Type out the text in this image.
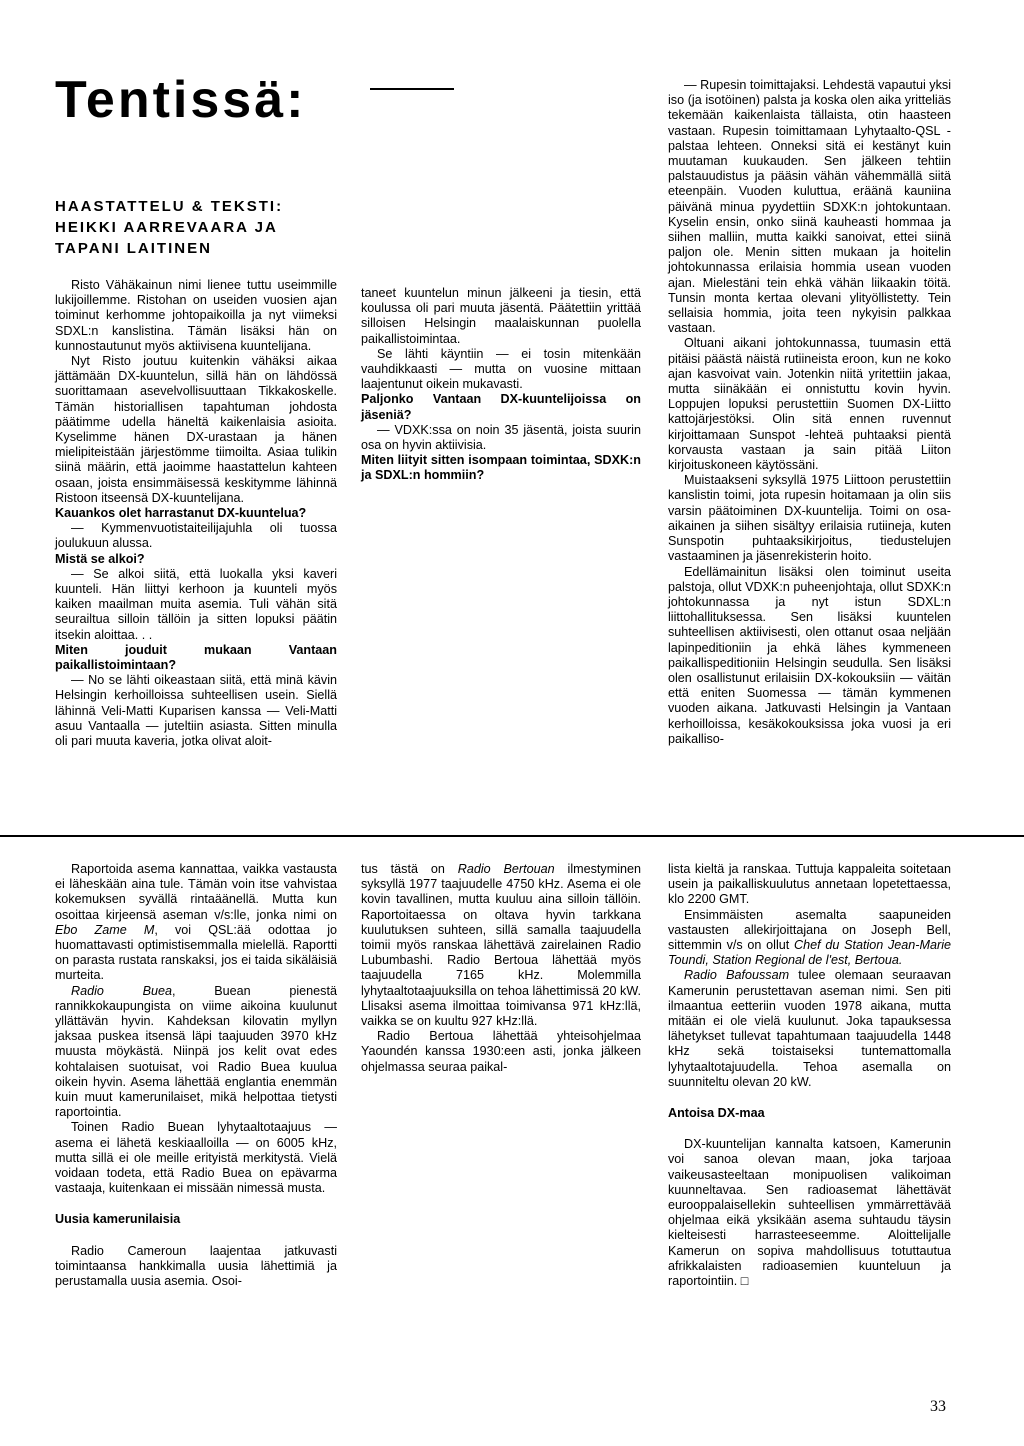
Tentissä:

HAASTATTELU & TEKSTI: HEIKKI AARREVAARA JA TAPANI LAITINEN

Risto Vähäkainun nimi lienee tuttu useimmille lukijoillemme. Ristohan on useiden vuosien ajan toiminut kerhomme johtopaikoilla ja nyt viimeksi SDXL:n kanslistina. Tämän lisäksi hän on kunnostautunut myös aktiivisena kuuntelijana.

Nyt Risto joutuu kuitenkin vähäksi aikaa jättämään DX-kuuntelun, sillä hän on lähdössä suorittamaan asevelvollisuuttaan Tikkakoskelle. Tämän historiallisen tapahtuman johdosta päätimme udella häneltä kaikenlaisia asioita. Kyselimme hänen DX-urastaan ja hänen mielipiteistään järjestömme tiimoilta. Asiaa tulikin siinä määrin, että jaoimme haastattelun kahteen osaan, joista ensimmäisessä keskitymme lähinnä Ristoon itseensä DX-kuuntelijana.

Kauankos olet harrastanut DX-kuuntelua?

— Kymmenvuotistaiteilijajuhla oli tuossa joulukuun alussa.

Mistä se alkoi?

— Se alkoi siitä, että luokalla yksi kaveri kuunteli. Hän liittyi kerhoon ja kuunteli myös kaiken maailman muita asemia. Tuli vähän sitä seurailtua silloin tällöin ja sitten lopuksi päätin itsekin aloittaa. . .

Miten jouduit mukaan Vantaan paikallistoimintaan?

— No se lähti oikeastaan siitä, että minä kävin Helsingin kerhoilloissa suhteellisen usein. Siellä lähinnä Veli-Matti Kuparisen kanssa — Veli-Matti asuu Vantaalla — juteltiin asiasta. Sitten minulla oli pari muuta kaveria, jotka olivat aloit-

taneet kuuntelun minun jälkeeni ja tiesin, että koulussa oli pari muuta jäsentä. Päätettiin yrittää silloisen Helsingin maalaiskunnan puolella paikallistoimintaa.

Se lähti käyntiin — ei tosin mitenkään vauhdikkaasti — mutta on vuosine mittaan laajentunut oikein mukavasti.

Paljonko Vantaan DX-kuuntelijoissa on jäseniä?

— VDXK:ssa on noin 35 jäsentä, joista suurin osa on hyvin aktiivisia.

Miten liityit sitten isompaan toimintaa, SDXK:n ja SDXL:n hommiin?

— Rupesin toimittajaksi. Lehdestä vapautui yksi iso (ja isotöinen) palsta ja koska olen aika yritteliäs tekemään kaikenlaista tällaista, otin haasteen vastaan. Rupesin toimittamaan Lyhytaalto-QSL -palstaa lehteen. Onneksi sitä ei kestänyt kuin muutaman kuukauden. Sen jälkeen tehtiin palstauudistus ja pääsin vähän vähemmällä siitä eteenpäin. Vuoden kuluttua, eräänä kauniina päivänä minua pyydettiin SDXK:n johtokuntaan. Kyselin ensin, onko siinä kauheasti hommaa ja siihen malliin, mutta kaikki sanoivat, ettei siinä paljon ole. Menin sitten mukaan ja hoitelin johtokunnassa erilaisia hommia usean vuoden ajan. Mielestäni tein ehkä vähän liikaakin töitä. Tunsin monta kertaa olevani ylityöllistetty. Tein sellaisia hommia, joita teen nykyisin palkkaa vastaan.

Oltuani aikani johtokunnassa, tuumasin että pitäisi päästä näistä rutiineista eroon, kun ne koko ajan kasvoivat vain. Jotenkin niitä yritettiin jakaa, mutta siinäkään ei onnistuttu kovin hyvin. Loppujen lopuksi perustettiin Suomen DX-Liitto kattojärjestöksi. Olin sitä ennen ruvennut kirjoittamaan Sunspot -lehteä puhtaaksi pientä korvausta vastaan ja sain pitää Liiton kirjoituskoneen käytössäni.

Muistaakseni syksyllä 1975 Liittoon perustettiin kanslistin toimi, jota rupesin hoitamaan ja olin siis varsin päätoiminen DX-kuuntelija. Toimi on osa-aikainen ja siihen sisältyy erilaisia rutiineja, kuten Sunspotin puhtaaksikirjoitus, tiedustelujen vastaaminen ja jäsenrekisterin hoito.

Edellämainitun lisäksi olen toiminut useita palstoja, ollut VDXK:n puheenjohtaja, ollut SDXK:n johtokunnassa ja nyt istun SDXL:n liittohallituksessa. Sen lisäksi kuuntelen suhteellisen aktiivisesti, olen ottanut osaa neljään lapinpeditioniin ja ehkä lähes kymmeneen paikallispeditioniin Helsingin seudulla. Sen lisäksi olen osallistunut erilaisiin DX-kokouksiin — väitän että eniten Suomessa — tämän kymmenen vuoden aikana. Jatkuvasti Helsingin ja Vantaan kerhoilloissa, kesäkokouksissa joka vuosi ja eri paikalliso-

Raportoida asema kannattaa, vaikka vastausta ei läheskään aina tule. Tämän voin itse vahvistaa kokemuksen syvällä rintaäänellä. Mutta kun osoittaa kirjeensä aseman v/s:lle, jonka nimi on Ebo Zame M, voi QSL:ää odottaa jo huomattavasti optimistisemmalla mielellä. Raportti on parasta rustata ranskaksi, jos ei taida sikäläisiä murteita.

Radio Buea, Buean pienestä rannikkokaupungista on viime aikoina kuulunut yllättävän hyvin. Kahdeksan kilovatin myllyn jaksaa puskea itsensä läpi taajuuden 3970 kHz muusta möykästä. Niinpä jos kelit ovat edes kohtalaisen suotuisat, voi Radio Buea kuulua oikein hyvin. Asema lähettää englantia enemmän kuin muut kamerunilaiset, mikä helpottaa tietysti raportointia.

Toinen Radio Buean lyhytaaltotaajuus — asema ei lähetä keskiaalloilla — on 6005 kHz, mutta sillä ei ole meille erityistä merkitystä. Vielä voidaan todeta, että Radio Buea on epävarma vastaaja, kuitenkaan ei missään nimessä musta.

Uusia kamerunilaisia

Radio Cameroun laajentaa jatkuvasti toimintaansa hankkimalla uusia lähettimiä ja perustamalla uusia asemia. Osoi-

tus tästä on Radio Bertouan ilmestyminen syksyllä 1977 taajuudelle 4750 kHz. Asema ei ole kovin tavallinen, mutta kuuluu aina silloin tällöin. Raportoitaessa on oltava hyvin tarkkana kuulutuksen suhteen, sillä samalla taajuudella toimii myös ranskaa lähettävä zairelainen Radio Lubumbashi. Radio Bertoua lähettää myös taajuudella 7165 kHz. Molemmilla lyhytaaltotaajuuksilla on tehoa lähettimissä 20 kW. Llisaksi asema ilmoittaa toimivansa 971 kHz:llä, vaikka se on kuultu 927 kHz:llä.

Radio Bertoua lähettää yhteisohjelmaa Yaoundén kanssa 1930:een asti, jonka jälkeen ohjelmassa seuraa paikal-

lista kieltä ja ranskaa. Tuttuja kappaleita soitetaan usein ja paikalliskuulutus annetaan lopetettaessa, klo 2200 GMT.

Ensimmäisten asemalta saapuneiden vastausten allekirjoittajana on Joseph Bell, sittemmin v/s on ollut Chef du Station Jean-Marie Toundi, Station Regional de l'est, Bertoua.

Radio Bafoussam tulee olemaan seuraavan Kamerunin perustettavan aseman nimi. Sen piti ilmaantua eetteriin vuoden 1978 aikana, mutta mitään ei ole vielä kuulunut. Joka tapauksessa lähetykset tullevat tapahtumaan taajuudella 1448 kHz sekä toistaiseksi tuntemattomalla lyhytaaltotajuudella. Tehoa asemalla on suunniteltu olevan 20 kW.

Antoisa DX-maa

DX-kuuntelijan kannalta katsoen, Kamerunin voi sanoa olevan maan, joka tarjoaa vaikeusasteeltaan monipuolisen valikoiman kuunneltavaa. Sen radioasemat lähettävät eurooppalaisellekin suhteellisen ymmärrettävää ohjelmaa eikä yksikään asema suhtaudu täysin kielteisesti harrasteeseemme. Aloittelijalle Kamerun on sopiva mahdollisuus totuttautua afrikkalaisten radioasemien kuunteluun ja raportointiin. □

33
